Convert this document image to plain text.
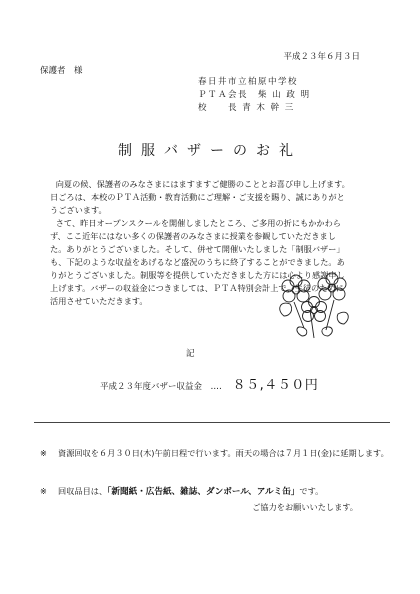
平成２３年６月３日
保護者　様
春日井市立柏原中学校
ＰＴＡ会長　柴 山 政 明
校　　長 青 木 幹 三
制服バザーのお礼

向夏の候、保護者のみなさまにはますますご健勝のこととお喜び申し上げます。日ごろは、本校のＰＴＡ活動・教育活動にご理解・ご支援を賜り、誠にありがとうございます。

さて、昨日オープンスクールを開催しましたところ、ご多用の折にもかかわらず、ここ近年にはない多くの保護者のみなさまに授業を参観していただきました。ありがとうございました。そして、併せて開催いたしました「制服バザー」も、下記のような収益をあげるなど盛況のうちに終了することができました。ありがとうございました。制服等を提供していただきました方には心より感謝申し上げます。バザーの収益金につきましては、ＰＴＡ特別会計上で、生徒のために活用させていただきます。

記
平成２３年度バザー収益金　‥‥ ８５,４５０円
※ 資源回収を６月３０日(木)午前日程で行います。雨天の場合は７月１日(金)に延期します。
※ 回収品目は、「新聞紙・広告紙、雑誌、ダンボール、アルミ缶」です。
ご協力をお願いいたします。
